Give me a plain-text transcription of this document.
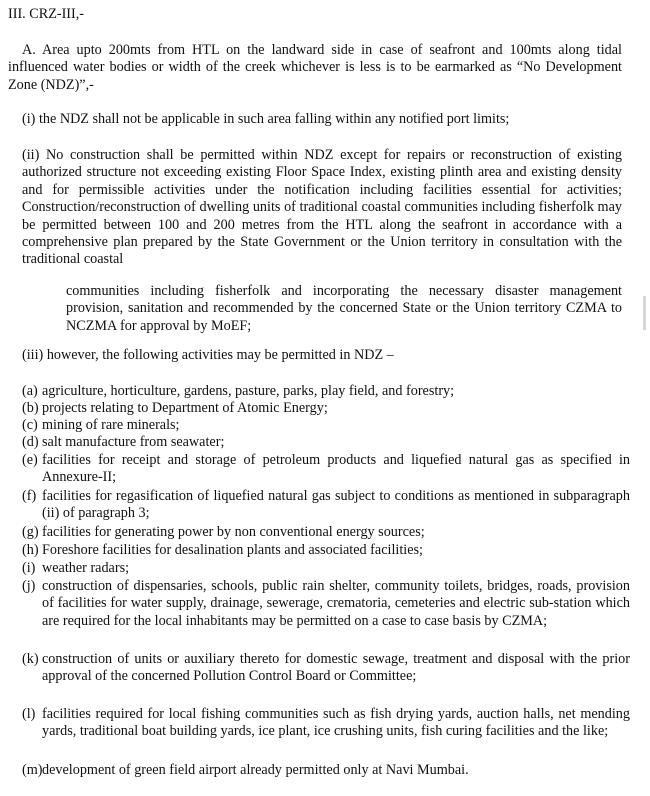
III. CRZ-III,-
A. Area upto 200mts from HTL on the landward side in case of seafront and 100mts along tidal influenced water bodies or width of the creek whichever is less is to be earmarked as “No Development Zone (NDZ)”,-
(i) the NDZ shall not be applicable in such area falling within any notified port limits;
(ii) No construction shall be permitted within NDZ except for repairs or reconstruction of existing authorized structure not exceeding existing Floor Space Index, existing plinth area and existing density and for permissible activities under the notification including facilities essential for activities; Construction/reconstruction of dwelling units of traditional coastal communities including fisherfolk may be permitted between 100 and 200 metres from the HTL along the seafront in accordance with a comprehensive plan prepared by the State Government or the Union territory in consultation with the traditional coastal
communities including fisherfolk and incorporating the necessary disaster management provision, sanitation and recommended by the concerned State or the Union territory CZMA to NCZMA for approval by MoEF;
(iii) however, the following activities may be permitted in NDZ –
(a) agriculture, horticulture, gardens, pasture, parks, play field, and forestry;
(b) projects relating to Department of Atomic Energy;
(c) mining of rare minerals;
(d) salt manufacture from seawater;
(e) facilities for receipt and storage of petroleum products and liquefied natural gas as specified in Annexure-II;
(f) facilities for regasification of liquefied natural gas subject to conditions as mentioned in subparagraph (ii) of paragraph 3;
(g) facilities for generating power by non conventional energy sources;
(h) Foreshore facilities for desalination plants and associated facilities;
(i) weather radars;
(j) construction of dispensaries, schools, public rain shelter, community toilets, bridges, roads, provision of facilities for water supply, drainage, sewerage, crematoria, cemeteries and electric sub-station which are required for the local inhabitants may be permitted on a case to case basis by CZMA;
(k) construction of units or auxiliary thereto for domestic sewage, treatment and disposal with the prior approval of the concerned Pollution Control Board or Committee;
(l) facilities required for local fishing communities such as fish drying yards, auction halls, net mending yards, traditional boat building yards, ice plant, ice crushing units, fish curing facilities and the like;
(m) development of green field airport already permitted only at Navi Mumbai.
